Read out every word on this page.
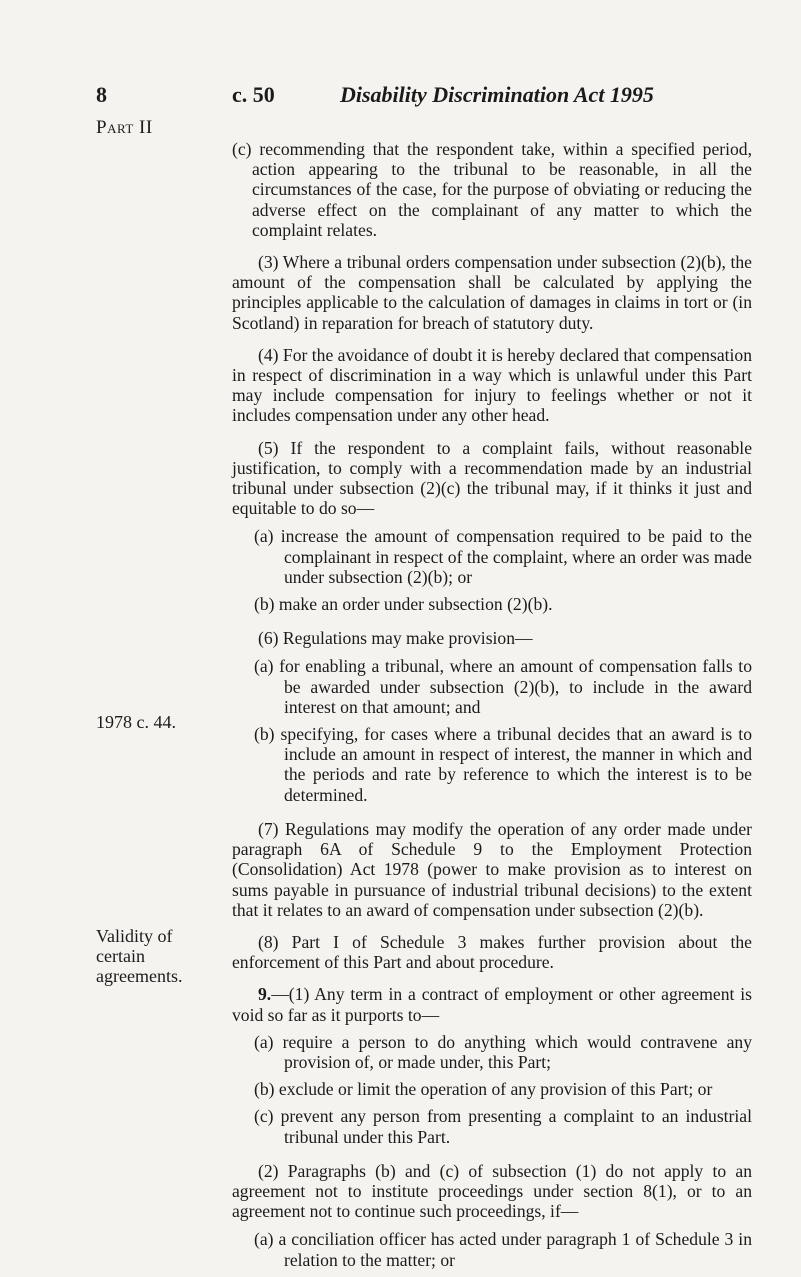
8	c. 50	Disability Discrimination Act 1995
Part II
1978 c. 44.
Validity of certain
agreements.

(c) recommending that the respondent take, within a specified period, action appearing to the tribunal to be reasonable, in all the circumstances of the case, for the purpose of obviating or reducing the adverse effect on the complainant of any matter to which the complaint relates.

(3) Where a tribunal orders compensation under subsection (2)(b), the amount of the compensation shall be calculated by applying the principles applicable to the calculation of damages in claims in tort or (in Scotland) in reparation for breach of statutory duty.

(4) For the avoidance of doubt it is hereby declared that compensation in respect of discrimination in a way which is unlawful under this Part may include compensation for injury to feelings whether or not it includes compensation under any other head.

(5) If the respondent to a complaint fails, without reasonable justification, to comply with a recommendation made by an industrial tribunal under subsection (2)(c) the tribunal may, if it thinks it just and equitable to do so—

(a) increase the amount of compensation required to be paid to the complainant in respect of the complaint, where an order was made under subsection (2)(b); or

(b) make an order under subsection (2)(b).

(6) Regulations may make provision—

(a) for enabling a tribunal, where an amount of compensation falls to be awarded under subsection (2)(b), to include in the award interest on that amount; and

(b) specifying, for cases where a tribunal decides that an award is to include an amount in respect of interest, the manner in which and the periods and rate by reference to which the interest is to be determined.

(7) Regulations may modify the operation of any order made under paragraph 6A of Schedule 9 to the Employment Protection (Consolidation) Act 1978 (power to make provision as to interest on sums payable in pursuance of industrial tribunal decisions) to the extent that it relates to an award of compensation under subsection (2)(b).

(8) Part I of Schedule 3 makes further provision about the enforcement of this Part and about procedure.

9.—(1) Any term in a contract of employment or other agreement is void so far as it purports to—

(a) require a person to do anything which would contravene any provision of, or made under, this Part;

(b) exclude or limit the operation of any provision of this Part; or

(c) prevent any person from presenting a complaint to an industrial tribunal under this Part.

(2) Paragraphs (b) and (c) of subsection (1) do not apply to an agreement not to institute proceedings under section 8(1), or to an agreement not to continue such proceedings, if—

(a) a conciliation officer has acted under paragraph 1 of Schedule 3 in relation to the matter; or
